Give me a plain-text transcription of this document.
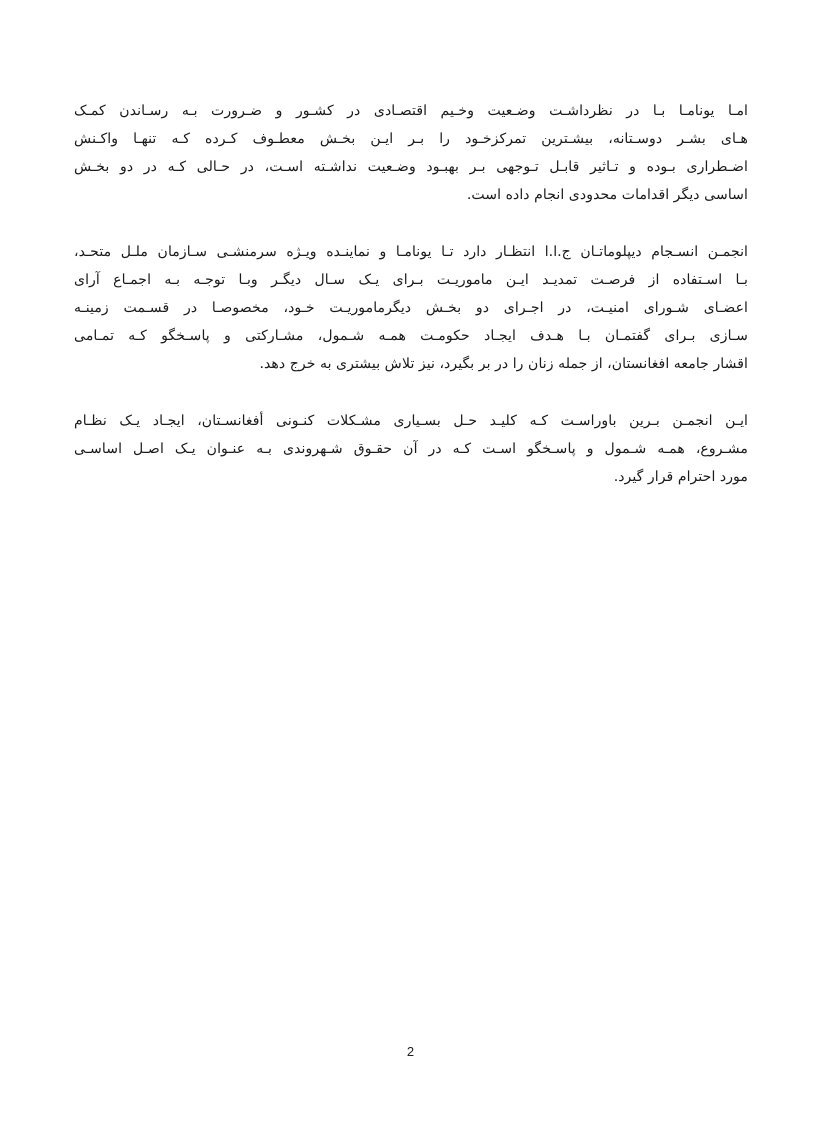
امـا یونامـا بـا در نظرداشـت وضـعیت وخـیم اقتصـادی در کشـور و ضـرورت بـه رسـاندن کمـک
هـای بشـر دوسـتانه، بیشـترین تمرکزخـود را بـر ایـن بخـش معطـوف کـرده کـه تنهـا واکـنش
اضـطراری بـوده و تـاثیر قابـل تـوجهی بـر بهبـود وضـعیت نداشـته اسـت، در حـالی کـه در دو بخـش
اساسی دیگر اقدامات محدودی انجام داده است.
انجمـن انسـجام دیپلوماتـان ج.ا.ا انتظـار دارد تـا یونامـا و نماینـده ویـژه سرمنشـی سـازمان ملـل متحـد،
بـا اسـتفاده از فرصـت تمدیـد ایـن ماموریـت بـرای یـک سـال دیگـر وبـا توجـه بـه اجمـاع آرای
اعضـای شـورای امنیـت، در اجـرای دو بخـش دیگرماموریـت خـود، مخصوصـا در قسـمت زمینـه
سـازی بـرای گفتمـان بـا هـدف ایجـاد حکومـت همـه شـمول، مشـارکتی و پاسـخگو کـه تمـامی
اقشار جامعه افغانستان، از جمله زنان را در بر بگیرد، نیز تلاش بیشتری به خرج دهد.
ایـن انجمـن بـرین باوراسـت کـه کلیـد حـل بسـیاری مشـکلات کنـونی أفغانسـتان، ایجـاد یـک نظـام
مشـروع، همـه شـمول و پاسـخگو اسـت کـه در آن حقـوق شـهروندی بـه عنـوان یـک اصـل اساسـی
مورد احترام قرار گیرد.
2
